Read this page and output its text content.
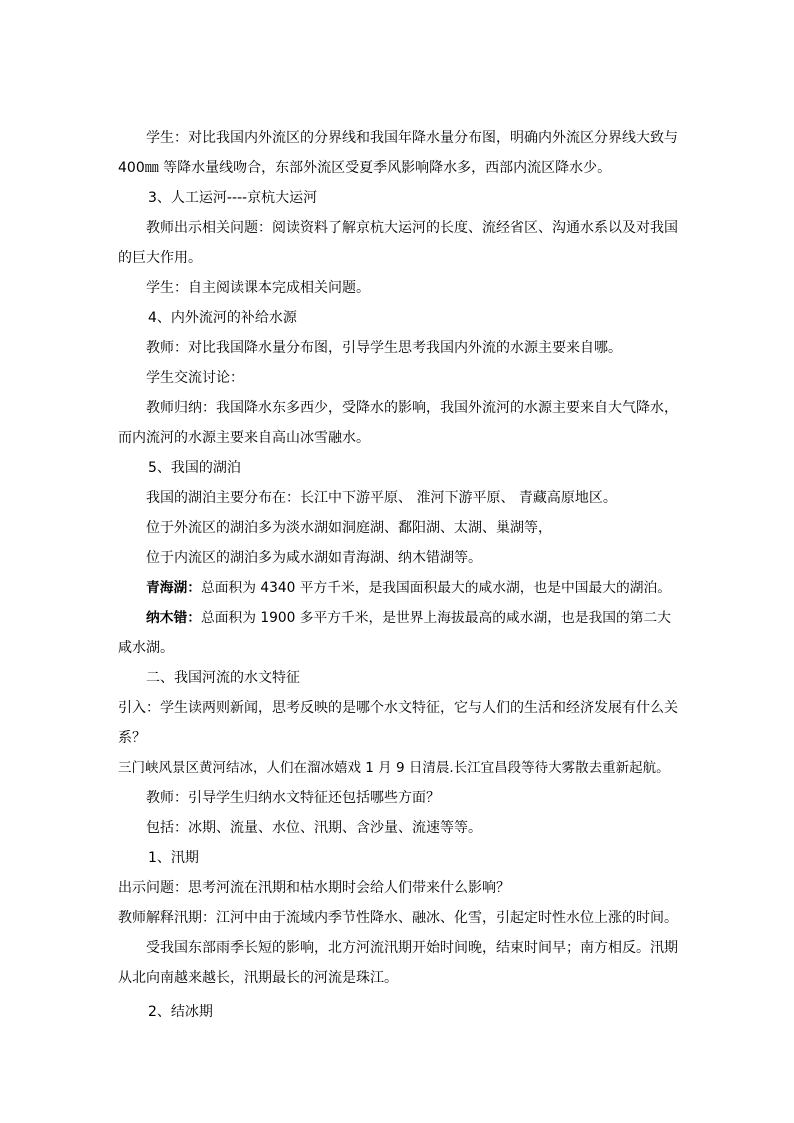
学生：对比我国内外流区的分界线和我国年降水量分布图，明确内外流区分界线大致与
400㎜ 等降水量线吻合，东部外流区受夏季风影响降水多，西部内流区降水少。
3、人工运河----京杭大运河
教师出示相关问题：阅读资料了解京杭大运河的长度、流经省区、沟通水系以及对我国
的巨大作用。
学生：自主阅读课本完成相关问题。
4、内外流河的补给水源
教师：对比我国降水量分布图，引导学生思考我国内外流的水源主要来自哪。
学生交流讨论：
教师归纳：我国降水东多西少，受降水的影响，我国外流河的水源主要来自大气降水，
而内流河的水源主要来自高山冰雪融水。
5、我国的湖泊
我国的湖泊主要分布在：长江中下游平原、 淮河下游平原、 青藏高原地区。
位于外流区的湖泊多为淡水湖如洞庭湖、鄱阳湖、太湖、巢湖等，
位于内流区的湖泊多为咸水湖如青海湖、纳木错湖等。
青海湖：总面积为 4340 平方千米，是我国面积最大的咸水湖，也是中国最大的湖泊。
纳木错：总面积为 1900 多平方千米，是世界上海拔最高的咸水湖，也是我国的第二大
咸水湖。
二、我国河流的水文特征
引入：学生读两则新闻，思考反映的是哪个水文特征，它与人们的生活和经济发展有什么关
系？
三门峡风景区黄河结冰，人们在溜冰嬉戏 1 月 9 日清晨.长江宜昌段等待大雾散去重新起航。
教师：引导学生归纳水文特征还包括哪些方面？
包括：冰期、流量、水位、汛期、含沙量、流速等等。
1、汛期
出示问题：思考河流在汛期和枯水期时会给人们带来什么影响？
教师解释汛期：江河中由于流域内季节性降水、融冰、化雪，引起定时性水位上涨的时间。
受我国东部雨季长短的影响，北方河流汛期开始时间晚，结束时间早；南方相反。汛期
从北向南越来越长，汛期最长的河流是珠江。
2、结冰期
